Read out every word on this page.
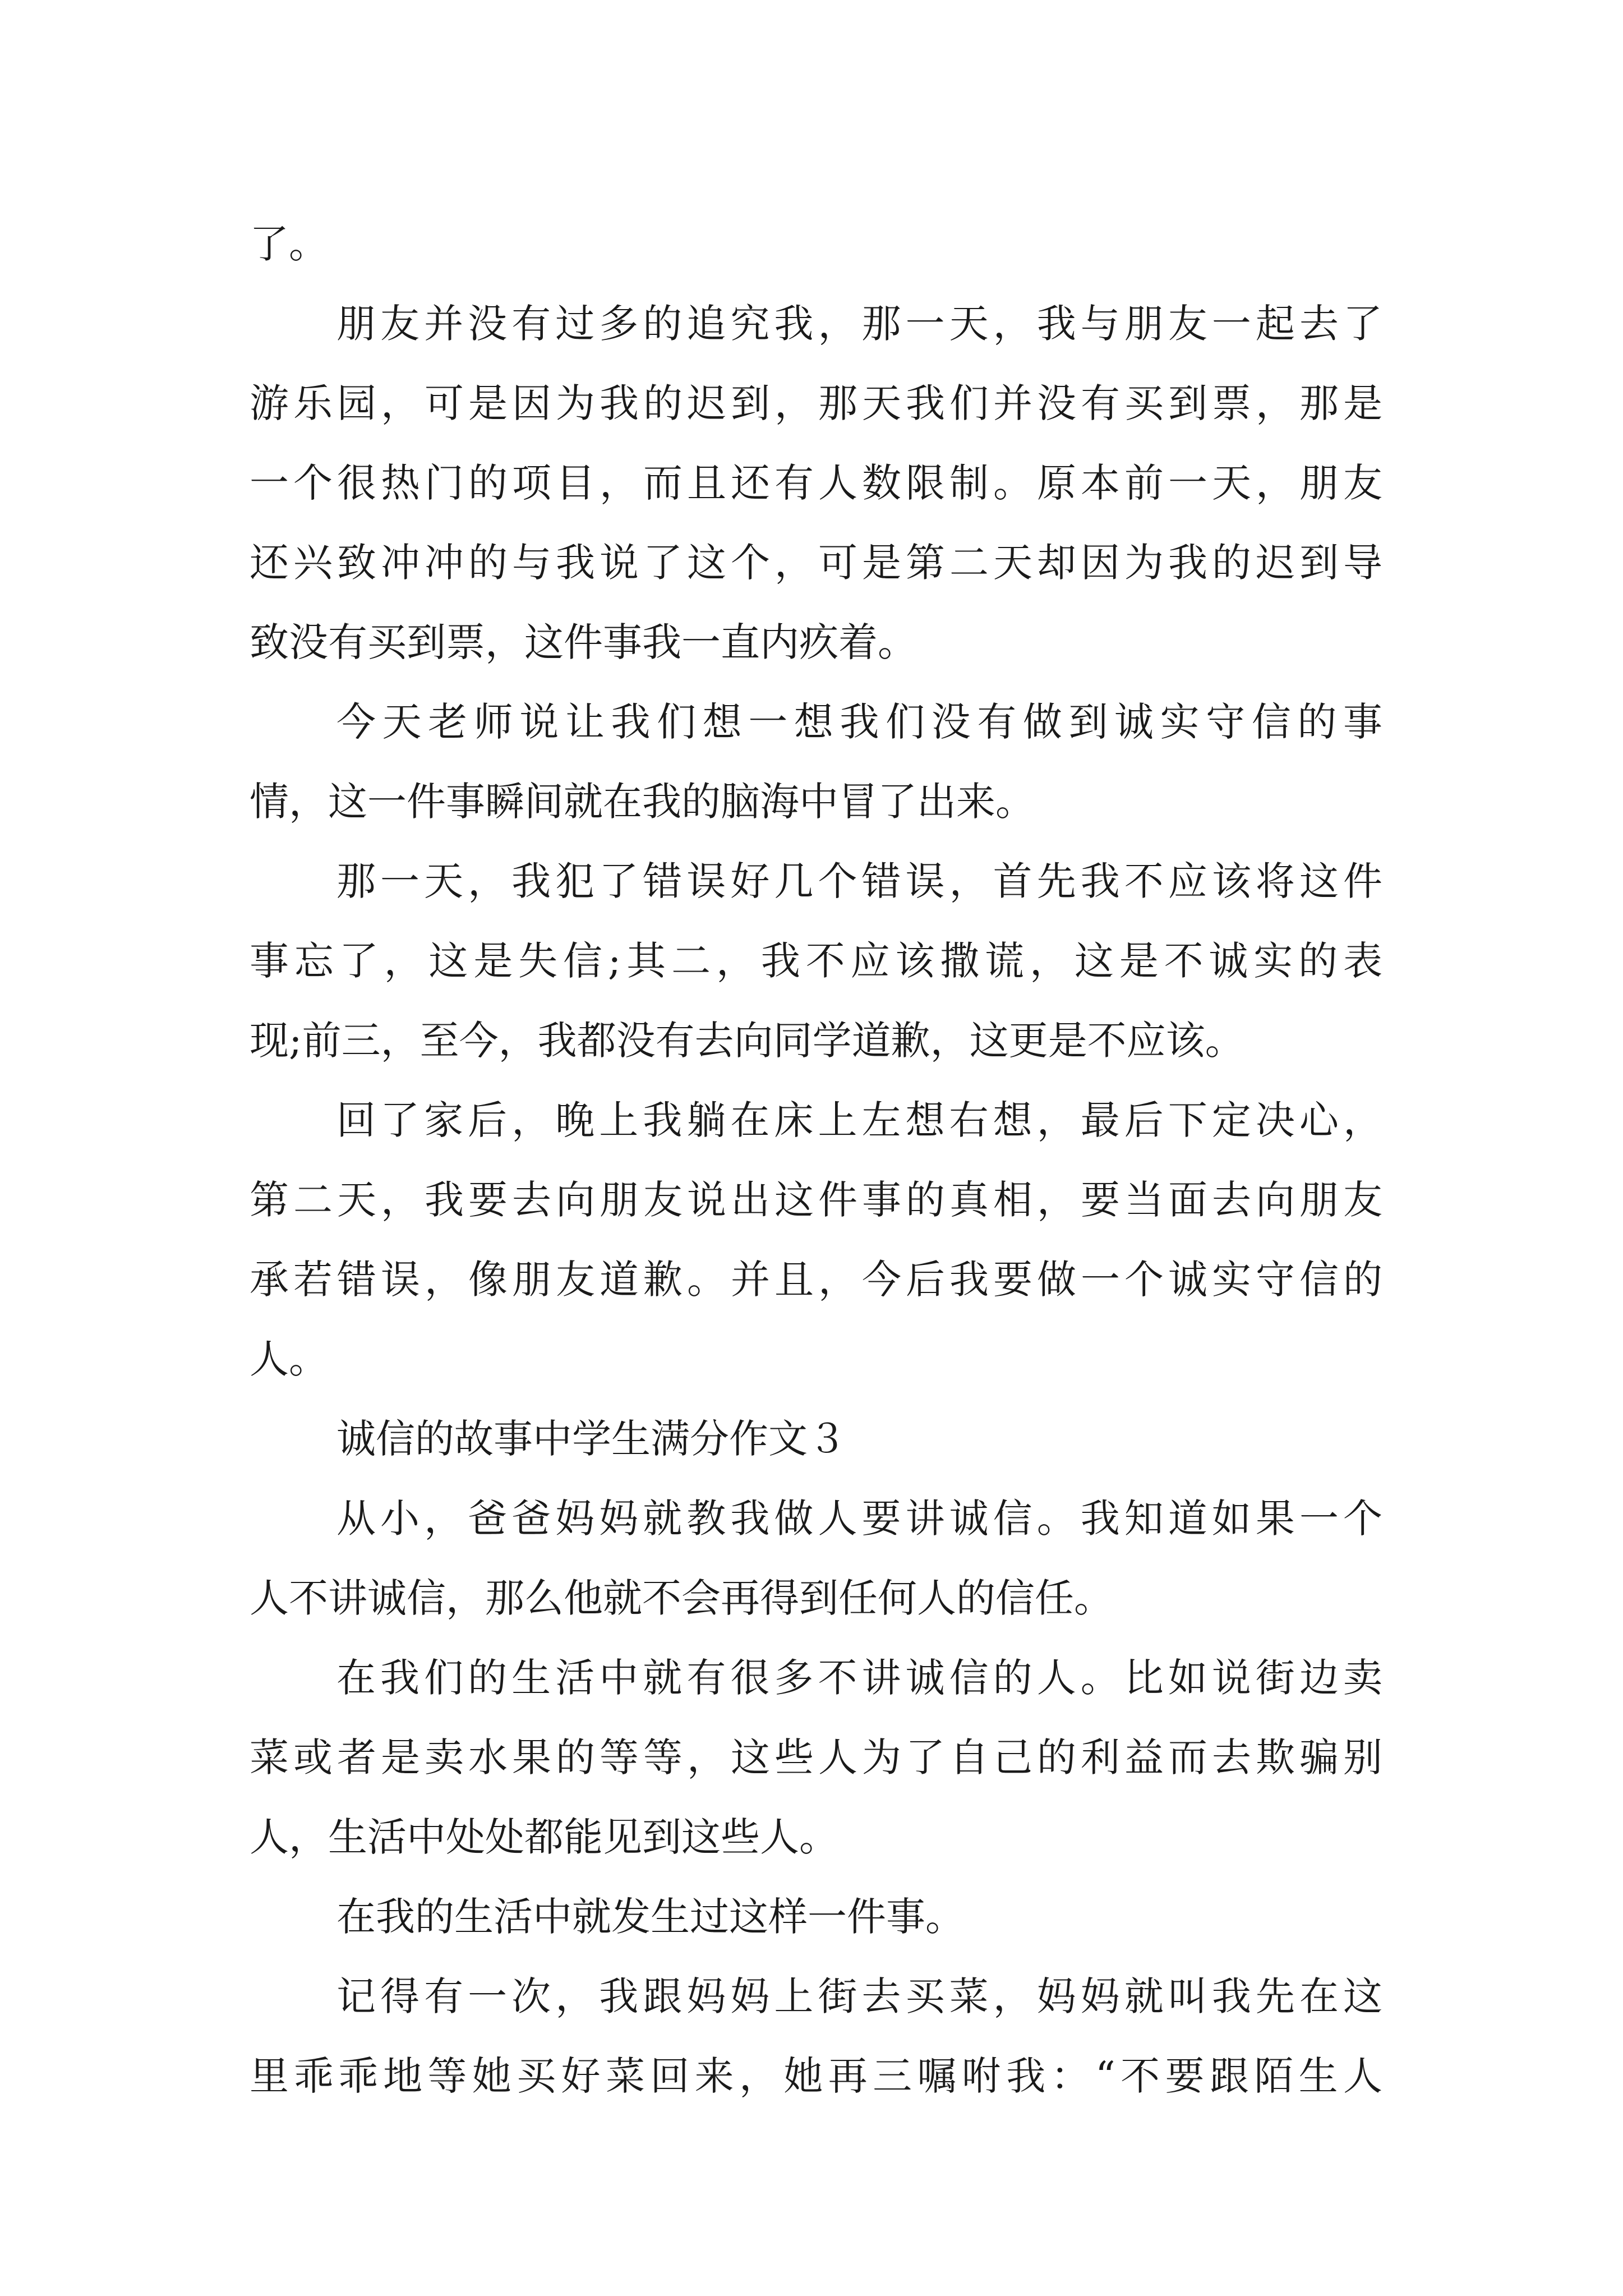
了。
朋友并没有过多的追究我，那一天，我与朋友一起去了
游乐园，可是因为我的迟到，那天我们并没有买到票，那是
一个很热门的项目，而且还有人数限制。原本前一天，朋友
还兴致冲冲的与我说了这个，可是第二天却因为我的迟到导
致没有买到票，这件事我一直内疚着。
今天老师说让我们想一想我们没有做到诚实守信的事
情，这一件事瞬间就在我的脑海中冒了出来。
那一天，我犯了错误好几个错误，首先我不应该将这件
事忘了，这是失信;其二，我不应该撒谎，这是不诚实的表
现;前三，至今，我都没有去向同学道歉，这更是不应该。
回了家后，晚上我躺在床上左想右想，最后下定决心，
第二天，我要去向朋友说出这件事的真相，要当面去向朋友
承若错误，像朋友道歉。并且，今后我要做一个诚实守信的
人。
诚信的故事中学生满分作文３
从小，爸爸妈妈就教我做人要讲诚信。我知道如果一个
人不讲诚信，那么他就不会再得到任何人的信任。
在我们的生活中就有很多不讲诚信的人。比如说街边卖
菜或者是卖水果的等等，这些人为了自己的利益而去欺骗别
人，生活中处处都能见到这些人。
在我的生活中就发生过这样一件事。
记得有一次，我跟妈妈上街去买菜，妈妈就叫我先在这
里乖乖地等她买好菜回来，她再三嘱咐我：“不要跟陌生人
